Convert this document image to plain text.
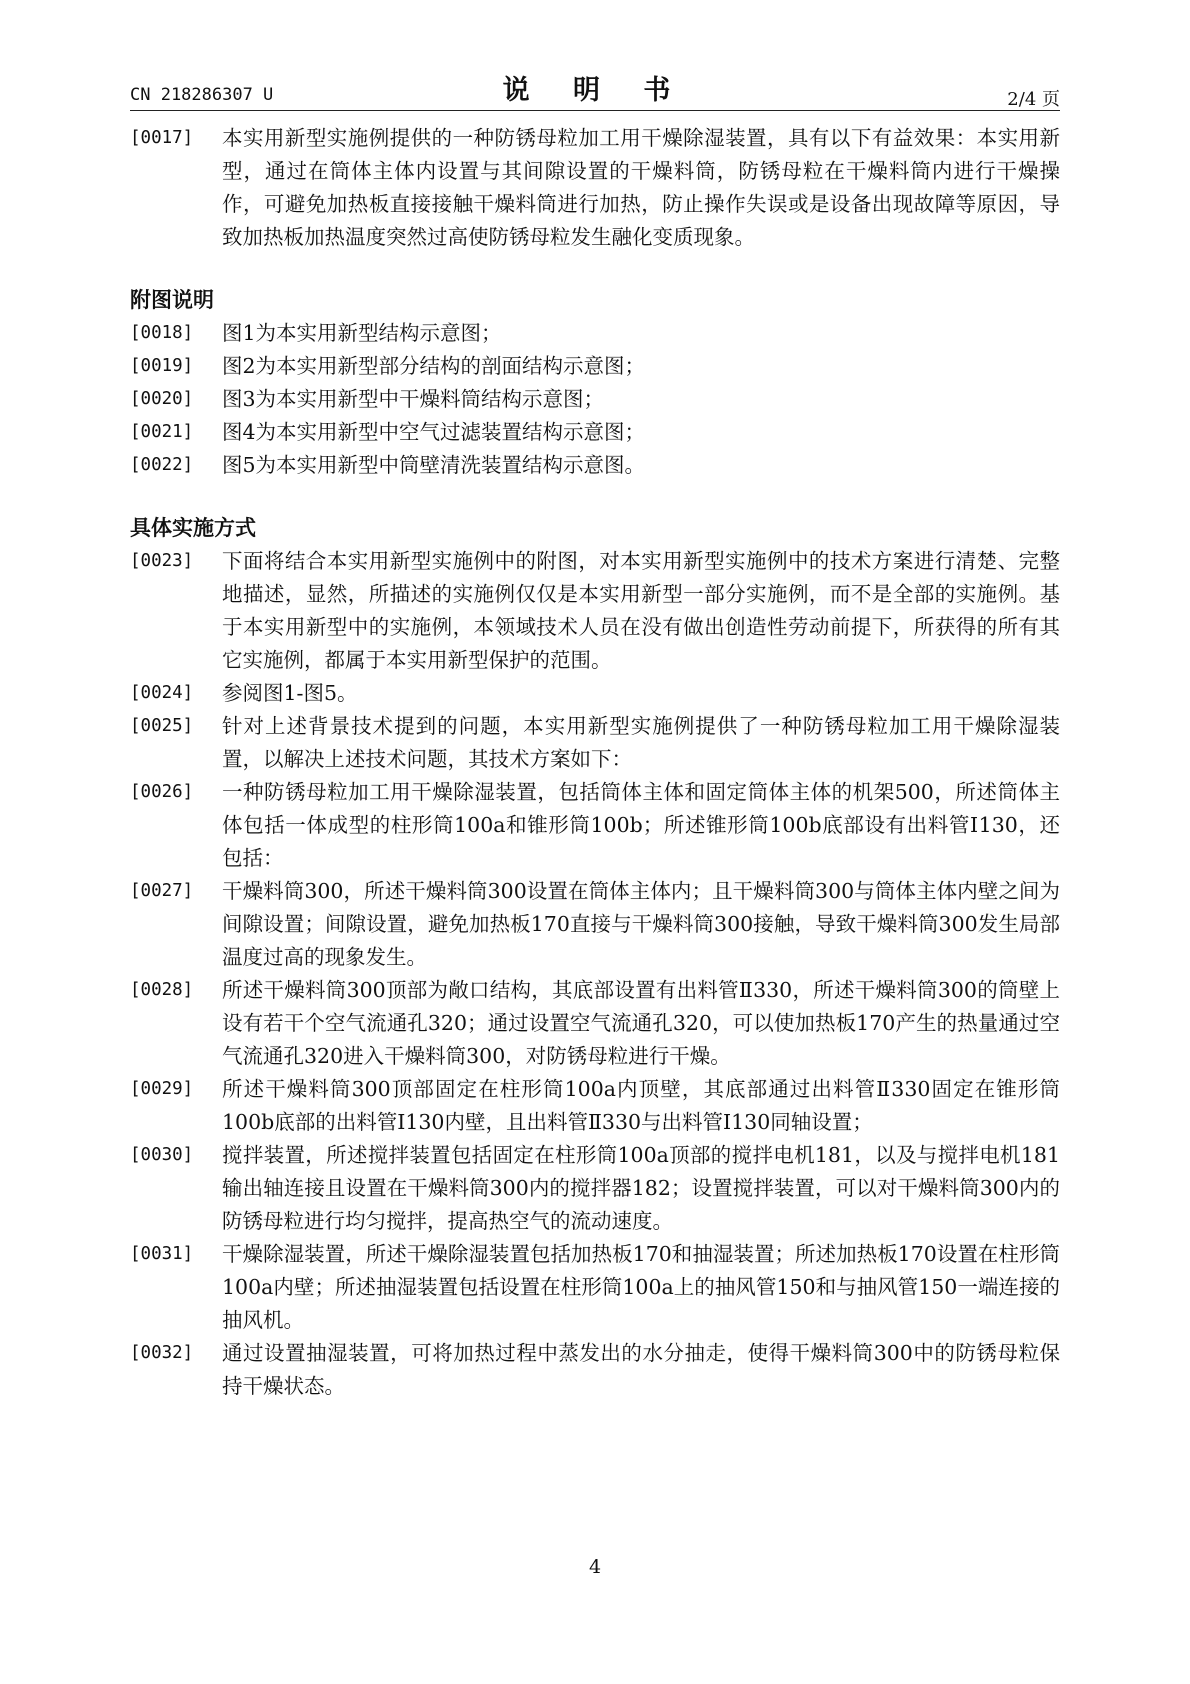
CN 218286307 U	说 明 书	2/4 页
[0017]	本实用新型实施例提供的一种防锈母粒加工用干燥除湿装置，具有以下有益效果：本实用新型，通过在筒体主体内设置与其间隙设置的干燥料筒，防锈母粒在干燥料筒内进行干燥操作，可避免加热板直接接触干燥料筒进行加热，防止操作失误或是设备出现故障等原因，导致加热板加热温度突然过高使防锈母粒发生融化变质现象。
附图说明
[0018]	图1为本实用新型结构示意图；
[0019]	图2为本实用新型部分结构的剖面结构示意图；
[0020]	图3为本实用新型中干燥料筒结构示意图；
[0021]	图4为本实用新型中空气过滤装置结构示意图；
[0022]	图5为本实用新型中筒壁清洗装置结构示意图。
具体实施方式
[0023]	下面将结合本实用新型实施例中的附图，对本实用新型实施例中的技术方案进行清楚、完整地描述，显然，所描述的实施例仅仅是本实用新型一部分实施例，而不是全部的实施例。基于本实用新型中的实施例，本领域技术人员在没有做出创造性劳动前提下，所获得的所有其它实施例，都属于本实用新型保护的范围。
[0024]	参阅图1-图5。
[0025]	针对上述背景技术提到的问题，本实用新型实施例提供了一种防锈母粒加工用干燥除湿装置，以解决上述技术问题，其技术方案如下：
[0026]	一种防锈母粒加工用干燥除湿装置，包括筒体主体和固定筒体主体的机架500，所述筒体主体包括一体成型的柱形筒100a和锥形筒100b；所述锥形筒100b底部设有出料管Ⅰ130，还包括：
[0027]	干燥料筒300，所述干燥料筒300设置在筒体主体内；且干燥料筒300与筒体主体内壁之间为间隙设置；间隙设置，避免加热板170直接与干燥料筒300接触，导致干燥料筒300发生局部温度过高的现象发生。
[0028]	所述干燥料筒300顶部为敞口结构，其底部设置有出料管Ⅱ330，所述干燥料筒300的筒壁上设有若干个空气流通孔320；通过设置空气流通孔320，可以使加热板170产生的热量通过空气流通孔320进入干燥料筒300，对防锈母粒进行干燥。
[0029]	所述干燥料筒300顶部固定在柱形筒100a内顶壁，其底部通过出料管Ⅱ330固定在锥形筒100b底部的出料管Ⅰ130内壁，且出料管Ⅱ330与出料管Ⅰ130同轴设置；
[0030]	搅拌装置，所述搅拌装置包括固定在柱形筒100a顶部的搅拌电机181，以及与搅拌电机181输出轴连接且设置在干燥料筒300内的搅拌器182；设置搅拌装置，可以对干燥料筒300内的防锈母粒进行均匀搅拌，提高热空气的流动速度。
[0031]	干燥除湿装置，所述干燥除湿装置包括加热板170和抽湿装置；所述加热板170设置在柱形筒100a内壁；所述抽湿装置包括设置在柱形筒100a上的抽风管150和与抽风管150一端连接的抽风机。
[0032]	通过设置抽湿装置，可将加热过程中蒸发出的水分抽走，使得干燥料筒300中的防锈母粒保持干燥状态。
4
